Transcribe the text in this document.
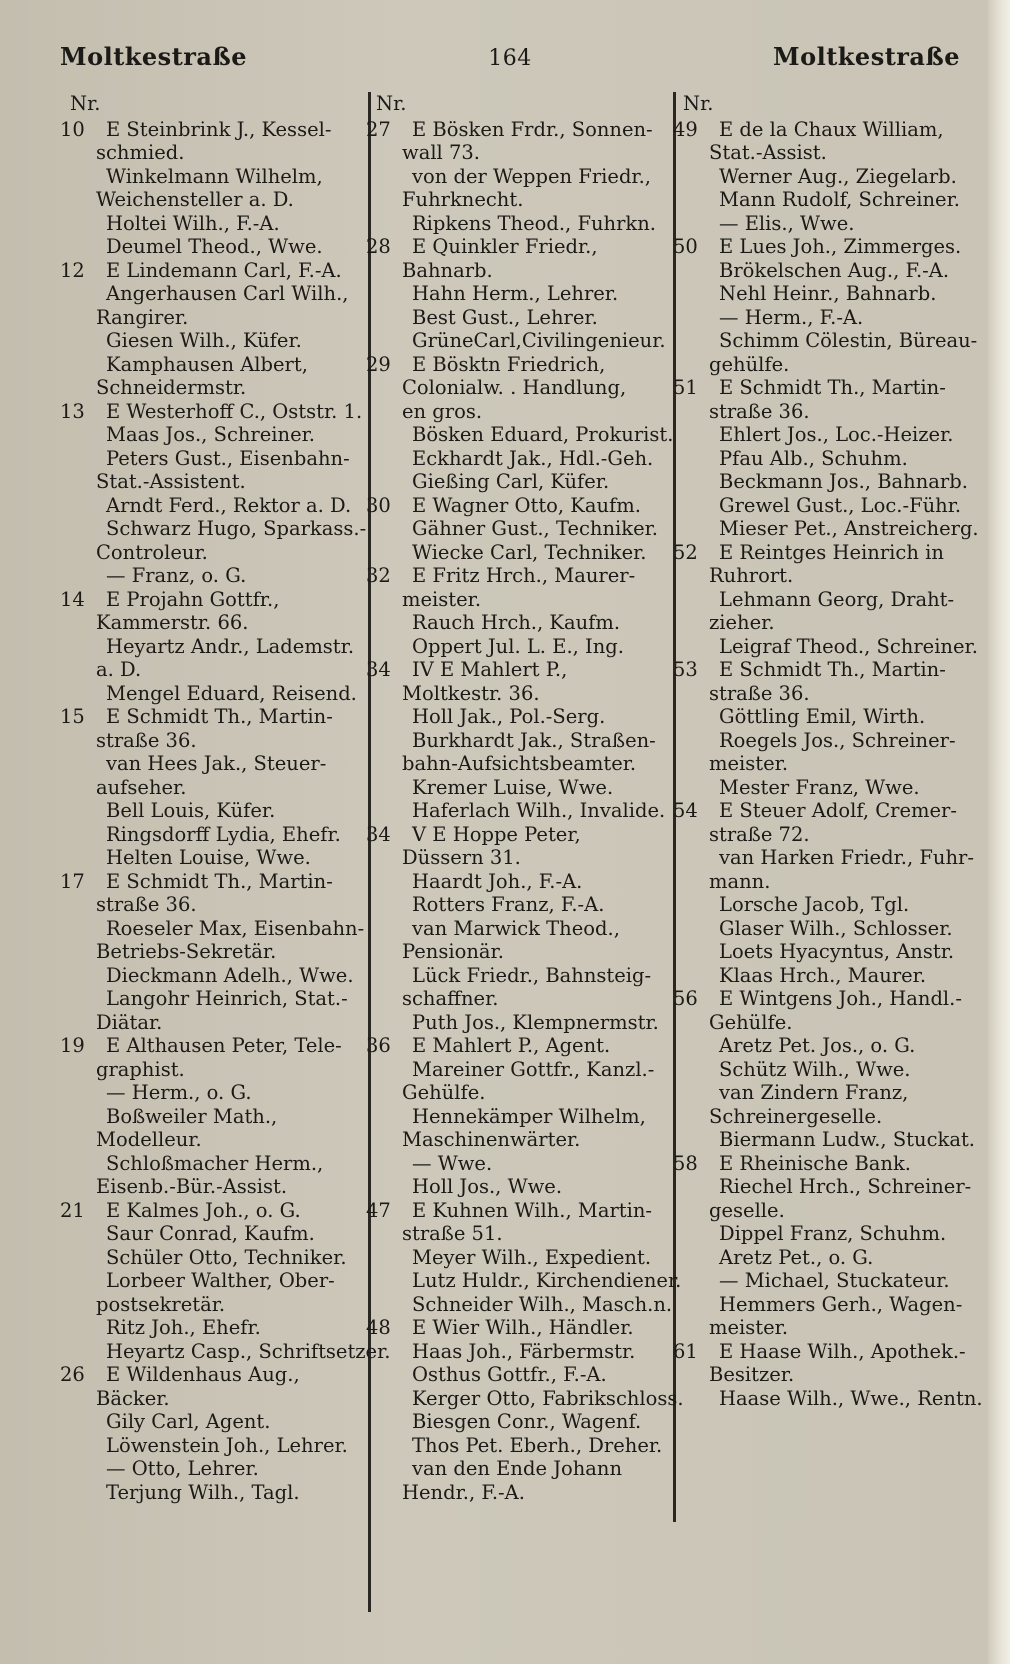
Moltkestraße	164	Moltkestraße
Nr.
10	E Steinbrink J., Kessel-
schmied.
Winkelmann Wilhelm,
Weichensteller a. D.
Holtei Wilh., F.-A.
Deumel Theod., Wwe.
12	E Lindemann Carl, F.-A.
Angerhausen Carl Wilh.,
Rangirer.
Giesen Wilh., Küfer.
Kamphausen Albert,
Schneidermstr.
13	E Westerhoff C., Oststr. 1.
Maas Jos., Schreiner.
Peters Gust., Eisenbahn-
Stat.-Assistent.
Arndt Ferd., Rektor a. D.
Schwarz Hugo, Sparkass.-
Controleur.
— Franz, o. G.
14	E Projahn Gottfr.,
Kammerstr. 66.
Heyartz Andr., Lademstr.
a. D.
Mengel Eduard, Reisend.
15	E Schmidt Th., Martin-
straße 36.
van Hees Jak., Steuer-
aufseher.
Bell Louis, Küfer.
Ringsdorff Lydia, Ehefr.
Helten Louise, Wwe.
17	E Schmidt Th., Martin-
straße 36.
Roeseler Max, Eisenbahn-
Betriebs-Sekretär.
Dieckmann Adelh., Wwe.
Langohr Heinrich, Stat.-
Diätar.
19	E Althausen Peter, Tele-
graphist.
— Herm., o. G.
Boßweiler Math.,
Modelleur.
Schloßmacher Herm.,
Eisenb.-Bür.-Assist.
21	E Kalmes Joh., o. G.
Saur Conrad, Kaufm.
Schüler Otto, Techniker.
Lorbeer Walther, Ober-
postsekretär.
Ritz Joh., Ehefr.
Heyartz Casp., Schriftsetzer.
26	E Wildenhaus Aug.,
Bäcker.
Gily Carl, Agent.
Löwenstein Joh., Lehrer.
— Otto, Lehrer.
Terjung Wilh., Tagl.
Nr.
27	E Bösken Frdr., Sonnen-
wall 73.
von der Weppen Friedr.,
Fuhrknecht.
Ripkens Theod., Fuhrkn.
28	E Quinkler Friedr.,
Bahnarb.
Hahn Herm., Lehrer.
Best Gust., Lehrer.
GrüneCarl,Civilingenieur.
29	E Bösktn Friedrich,
Colonialw. . Handlung,
en gros.
Bösken Eduard, Prokurist.
Eckhardt Jak., Hdl.-Geh.
Gießing Carl, Küfer.
30	E Wagner Otto, Kaufm.
Gähner Gust., Techniker.
Wiecke Carl, Techniker.
32	E Fritz Hrch., Maurer-
meister.
Rauch Hrch., Kaufm.
Oppert Jul. L. E., Ing.
34	IV E Mahlert P.,
Moltkestr. 36.
Holl Jak., Pol.-Serg.
Burkhardt Jak., Straßen-
bahn-Aufsichtsbeamter.
Kremer Luise, Wwe.
Haferlach Wilh., Invalide.
34	V E Hoppe Peter,
Düssern 31.
Haardt Joh., F.-A.
Rotters Franz, F.-A.
van Marwick Theod.,
Pensionär.
Lück Friedr., Bahnsteig-
schaffner.
Puth Jos., Klempnermstr.
36	E Mahlert P., Agent.
Mareiner Gottfr., Kanzl.-
Gehülfe.
Hennekämper Wilhelm,
Maschinenwärter.
— Wwe.
Holl Jos., Wwe.
47	E Kuhnen Wilh., Martin-
straße 51.
Meyer Wilh., Expedient.
Lutz Huldr., Kirchendiener.
Schneider Wilh., Masch.n.
48	E Wier Wilh., Händler.
Haas Joh., Färbermstr.
Osthus Gottfr., F.-A.
Kerger Otto, Fabrikschloss.
Biesgen Conr., Wagenf.
Thos Pet. Eberh., Dreher.
van den Ende Johann
Hendr., F.-A.
Nr.
49	E de la Chaux William,
Stat.-Assist.
Werner Aug., Ziegelarb.
Mann Rudolf, Schreiner.
— Elis., Wwe.
50	E Lues Joh., Zimmerges.
Brökelschen Aug., F.-A.
Nehl Heinr., Bahnarb.
— Herm., F.-A.
Schimm Cölestin, Büreau-
gehülfe.
51	E Schmidt Th., Martin-
straße 36.
Ehlert Jos., Loc.-Heizer.
Pfau Alb., Schuhm.
Beckmann Jos., Bahnarb.
Grewel Gust., Loc.-Führ.
Mieser Pet., Anstreicherg.
52	E Reintges Heinrich in
Ruhrort.
Lehmann Georg, Draht-
zieher.
Leigraf Theod., Schreiner.
53	E Schmidt Th., Martin-
straße 36.
Göttling Emil, Wirth.
Roegels Jos., Schreiner-
meister.
Mester Franz, Wwe.
54	E Steuer Adolf, Cremer-
straße 72.
van Harken Friedr., Fuhr-
mann.
Lorsche Jacob, Tgl.
Glaser Wilh., Schlosser.
Loets Hyacyntus, Anstr.
Klaas Hrch., Maurer.
56	E Wintgens Joh., Handl.-
Gehülfe.
Aretz Pet. Jos., o. G.
Schütz Wilh., Wwe.
van Zindern Franz,
Schreinergeselle.
Biermann Ludw., Stuckat.
58	E Rheinische Bank.
Riechel Hrch., Schreiner-
geselle.
Dippel Franz, Schuhm.
Aretz Pet., o. G.
— Michael, Stuckateur.
Hemmers Gerh., Wagen-
meister.
61	E Haase Wilh., Apothek.-
Besitzer.
Haase Wilh., Wwe., Rentn.
